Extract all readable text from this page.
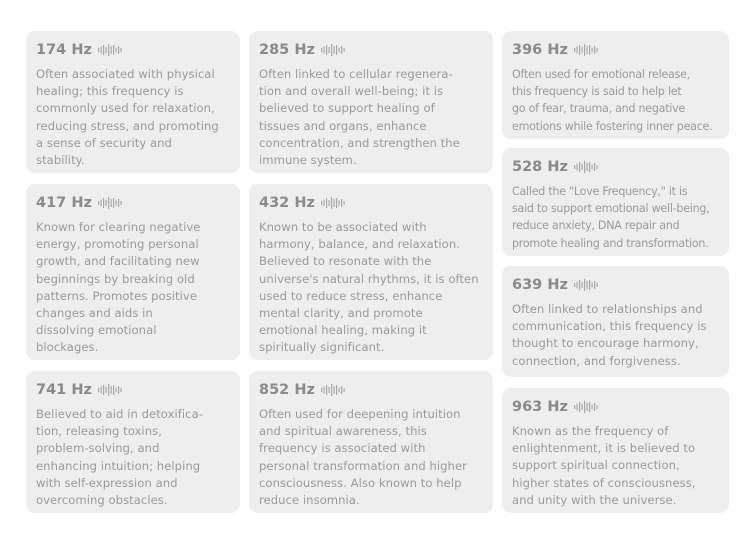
174 Hz

Often associated with physical
healing; this frequency is
commonly used for relaxation,
reducing stress, and promoting
a sense of security and
stability.

285 Hz

Often linked to cellular regenera-
tion and overall well-being; it is
believed to support healing of
tissues and organs, enhance
concentration, and strengthen the
immune system.

396 Hz

Often used for emotional release,
this frequency is said to help let
go of fear, trauma, and negative
emotions while fostering inner peace.

528 Hz

Called the "Love Frequency," it is
said to support emotional well-being,
reduce anxiety, DNA repair and
promote healing and transformation.

417 Hz

Known for clearing negative
energy, promoting personal
growth, and facilitating new
beginnings by breaking old
patterns. Promotes positive
changes and aids in
dissolving emotional
blockages.

432 Hz

Known to be associated with
harmony, balance, and relaxation.
Believed to resonate with the
universe's natural rhythms, it is often
used to reduce stress, enhance
mental clarity, and promote
emotional healing, making it
spiritually significant.

639 Hz

Often linked to relationships and
communication, this frequency is
thought to encourage harmony,
connection, and forgiveness.

741 Hz

Believed to aid in detoxifica-
tion, releasing toxins,
problem-solving, and
enhancing intuition; helping
with self-expression and
overcoming obstacles.

852 Hz

Often used for deepening intuition
and spiritual awareness, this
frequency is associated with
personal transformation and higher
consciousness. Also known to help
reduce insomnia.

963 Hz

Known as the frequency of
enlightenment, it is believed to
support spiritual connection,
higher states of consciousness,
and unity with the universe.
